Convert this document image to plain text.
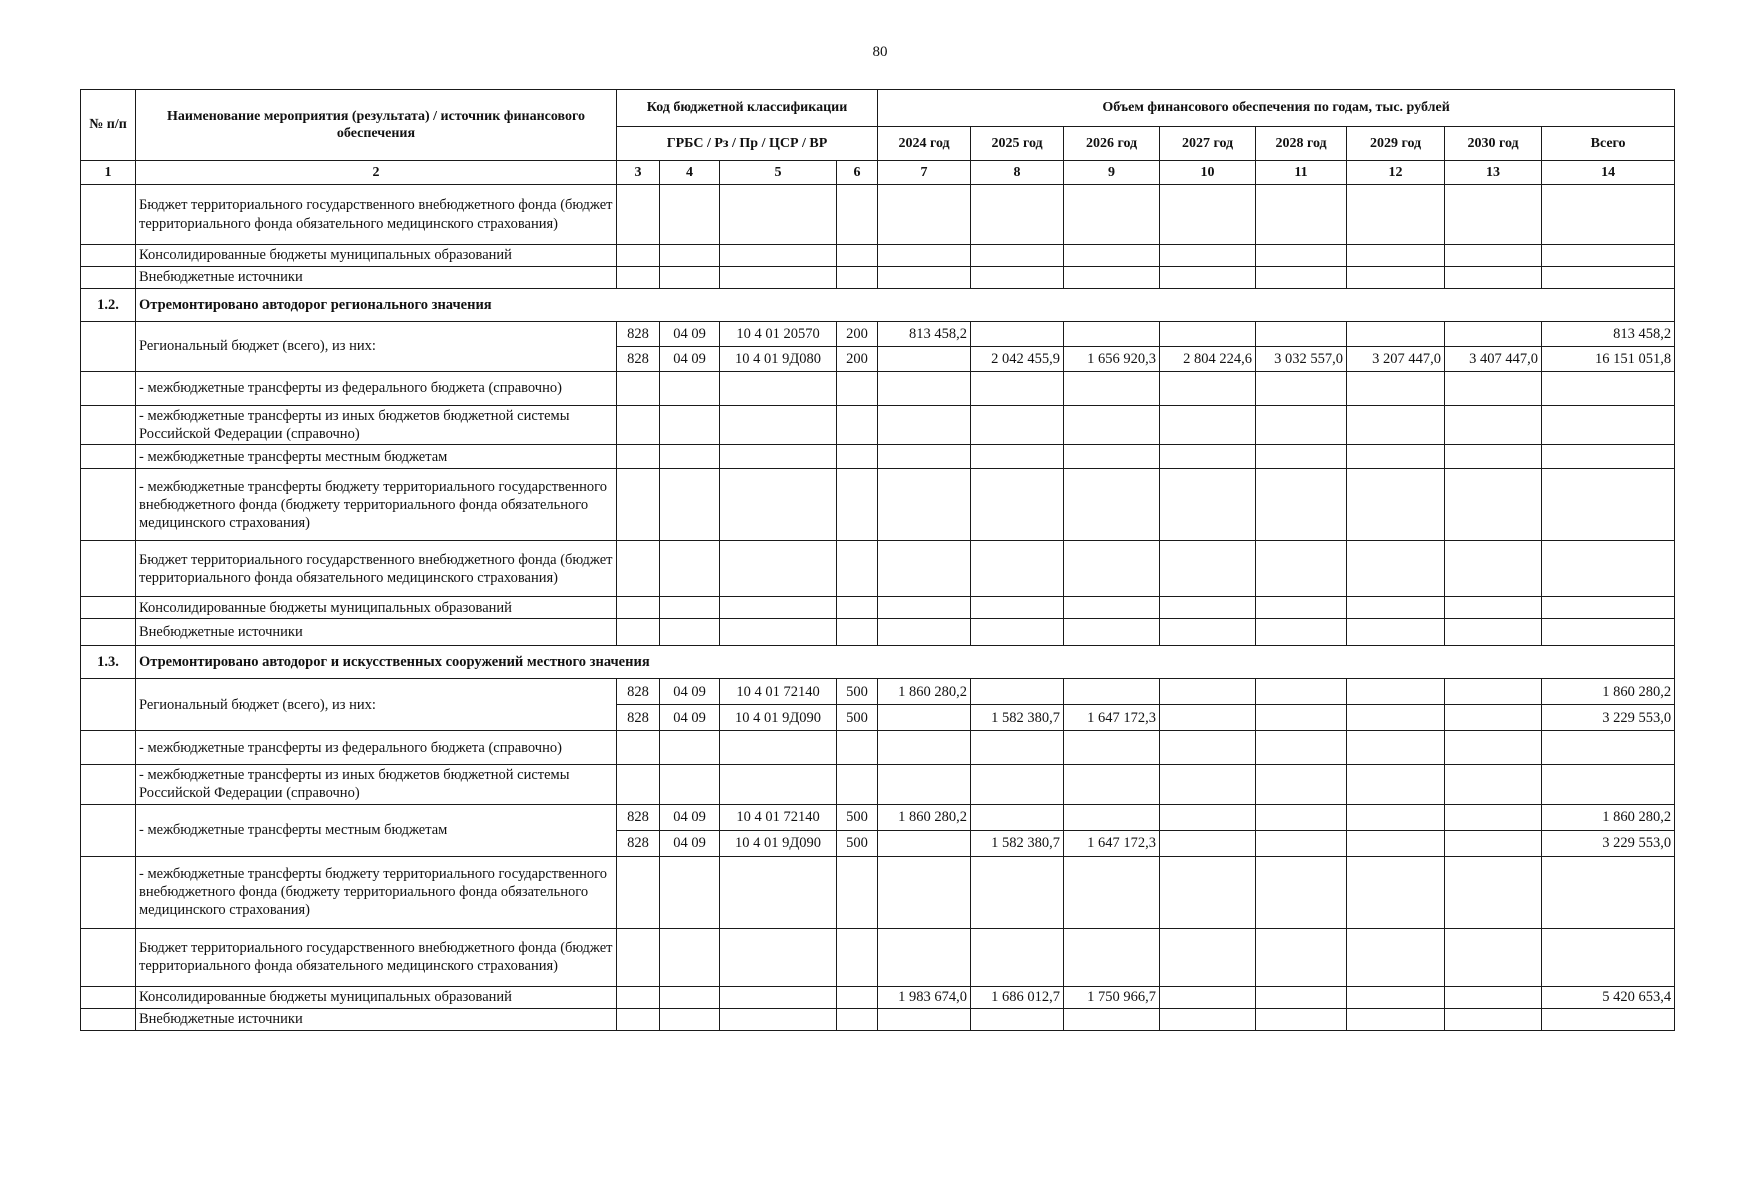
80
№ п/п	Наименование мероприятия (результата) / источник финансового обеспечения	Код бюджетной классификации				Объем финансового обеспечения по годам, тыс. рублей							
		ГРБС / Рз / Пр / ЦСР / ВР				2024 год	2025 год	2026 год	2027 год	2028 год	2029 год	2030 год	Всего
1	2	3	4	5	6	7	8	9	10	11	12	13	14
	Бюджет территориального государственного внебюджетного фонда (бюджет территориального фонда обязательного медицинского страхования)												
	Консолидированные бюджеты муниципальных образований												
	Внебюджетные источники												
1.2.	Отремонтировано автодорог регионального значения												
	Региональный бюджет (всего), из них:	828	04 09	10 4 01 20570	200	813 458,2							813 458,2
		828	04 09	10 4 01 9Д080	200		2 042 455,9	1 656 920,3	2 804 224,6	3 032 557,0	3 207 447,0	3 407 447,0	16 151 051,8
	- межбюджетные трансферты из федерального бюджета (справочно)												
	- межбюджетные трансферты из иных бюджетов бюджетной системы Российской Федерации (справочно)												
	- межбюджетные трансферты местным бюджетам												
	- межбюджетные трансферты бюджету территориального государственного внебюджетного фонда (бюджету территориального фонда обязательного медицинского страхования)												
	Бюджет территориального государственного внебюджетного фонда (бюджет территориального фонда обязательного медицинского страхования)												
	Консолидированные бюджеты муниципальных образований												
	Внебюджетные источники												
1.3.	Отремонтировано автодорог и искусственных сооружений местного значения												
	Региональный бюджет (всего), из них:	828	04 09	10 4 01 72140	500	1 860 280,2							1 860 280,2
		828	04 09	10 4 01 9Д090	500		1 582 380,7	1 647 172,3					3 229 553,0
	- межбюджетные трансферты из федерального бюджета (справочно)												
	- межбюджетные трансферты из иных бюджетов бюджетной системы Российской Федерации (справочно)												
	- межбюджетные трансферты местным бюджетам	828	04 09	10 4 01 72140	500	1 860 280,2							1 860 280,2
		828	04 09	10 4 01 9Д090	500		1 582 380,7	1 647 172,3					3 229 553,0
	- межбюджетные трансферты бюджету территориального государственного внебюджетного фонда (бюджету территориального фонда обязательного медицинского страхования)												
	Бюджет территориального государственного внебюджетного фонда (бюджет территориального фонда обязательного медицинского страхования)												
	Консолидированные бюджеты муниципальных образований					1 983 674,0	1 686 012,7	1 750 966,7					5 420 653,4
	Внебюджетные источники												
